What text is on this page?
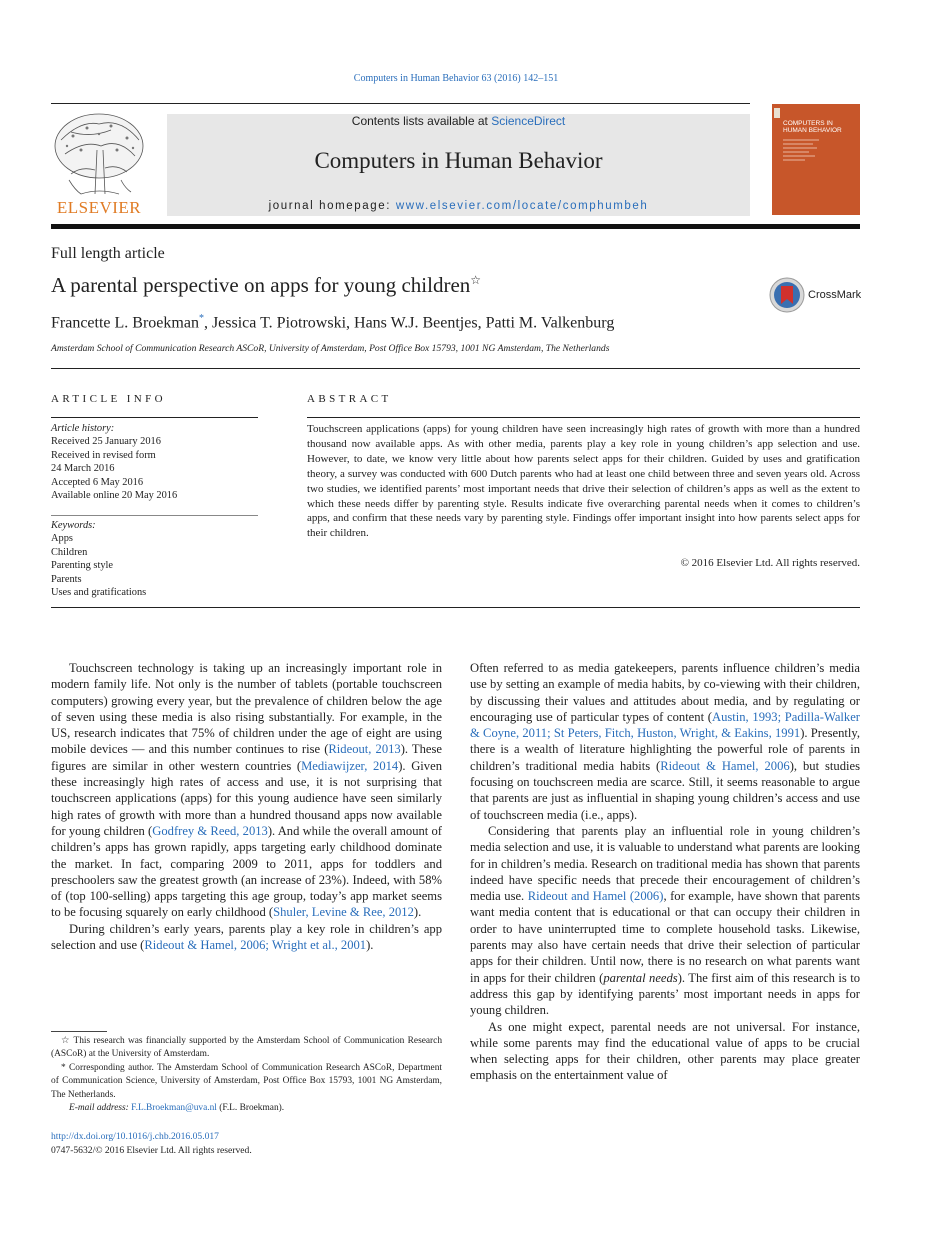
Computers in Human Behavior 63 (2016) 142–151
ELSEVIER
Contents lists available at ScienceDirect
Computers in Human Behavior
journal homepage: www.elsevier.com/locate/comphumbeh
COMPUTERS IN HUMAN BEHAVIOR
Full length article
A parental perspective on apps for young children☆
CrossMark
Francette L. Broekman*, Jessica T. Piotrowski, Hans W.J. Beentjes, Patti M. Valkenburg
Amsterdam School of Communication Research ASCoR, University of Amsterdam, Post Office Box 15793, 1001 NG Amsterdam, The Netherlands
ARTICLE INFO	ABSTRACT
Article history:
Received 25 January 2016
Received in revised form
24 March 2016
Accepted 6 May 2016
Available online 20 May 2016
Keywords:
Apps
Children
Parenting style
Parents
Uses and gratifications
Touchscreen applications (apps) for young children have seen increasingly high rates of growth with more than a hundred thousand now available apps. As with other media, parents play a key role in young children’s app selection and use. However, to date, we know very little about how parents select apps for their children. Guided by uses and gratification theory, a survey was conducted with 600 Dutch parents who had at least one child between three and seven years old. Across two studies, we identified parents’ most important needs that drive their selection of children’s apps as well as the extent to which these needs differ by parenting style. Results indicate five overarching parental needs when it comes to children’s apps, and confirm that these needs vary by parenting style. Findings offer important insight into how parents select apps for their children.
© 2016 Elsevier Ltd. All rights reserved.

Touchscreen technology is taking up an increasingly important role in modern family life. Not only is the number of tablets (portable touchscreen computers) growing every year, but the prevalence of children below the age of seven using these media is also rising substantially. For example, in the US, research indicates that 75% of children under the age of eight are using mobile devices — and this number continues to rise (Rideout, 2013). These figures are similar in other western countries (Mediawijzer, 2014). Given these increasingly high rates of access and use, it is not surprising that touchscreen applications (apps) for this young audience have seen similarly high rates of growth with more than a hundred thousand apps now available for young children (Godfrey & Reed, 2013). And while the overall amount of children’s apps has grown rapidly, apps targeting early childhood dominate the market. In fact, comparing 2009 to 2011, apps for toddlers and preschoolers saw the greatest growth (an increase of 23%). Indeed, with 58% of (top 100-selling) apps targeting this age group, today’s app market seems to be focusing squarely on early childhood (Shuler, Levine & Ree, 2012).

During children’s early years, parents play a key role in children’s app selection and use (Rideout & Hamel, 2006; Wright et al., 2001).

Often referred to as media gatekeepers, parents influence children’s media use by setting an example of media habits, by co-viewing with their children, by discussing their values and attitudes about media, and by regulating or encouraging use of particular types of content (Austin, 1993; Padilla-Walker & Coyne, 2011; St Peters, Fitch, Huston, Wright, & Eakins, 1991). Presently, there is a wealth of literature highlighting the powerful role of parents in children’s traditional media habits (Rideout & Hamel, 2006), but studies focusing on touchscreen media are scarce. Still, it seems reasonable to argue that parents are just as influential in shaping young children’s access and use of touchscreen media (i.e., apps).

Considering that parents play an influential role in young children’s media selection and use, it is valuable to understand what parents are looking for in children’s media. Research on traditional media has shown that parents indeed have specific needs that precede their encouragement of children’s media use. Rideout and Hamel (2006), for example, have shown that parents want media content that is educational or that can occupy their children in order to have uninterrupted time to complete household tasks. Likewise, parents may also have certain needs that drive their selection of particular apps for their children. Until now, there is no research on what parents want in apps for their children (parental needs). The first aim of this research is to address this gap by identifying parents’ most important needs in apps for young children.

As one might expect, parental needs are not universal. For instance, while some parents may find the educational value of apps to be crucial when selecting apps for their children, other parents may place greater emphasis on the entertainment value of

☆ This research was financially supported by the Amsterdam School of Communication Research (ASCoR) at the University of Amsterdam.

* Corresponding author. The Amsterdam School of Communication Research ASCoR, Department of Communication Science, University of Amsterdam, Post Office Box 15793, 1001 NG Amsterdam, The Netherlands.

E-mail address: F.L.Broekman@uva.nl (F.L. Broekman).

http://dx.doi.org/10.1016/j.chb.2016.05.017
0747-5632/© 2016 Elsevier Ltd. All rights reserved.
